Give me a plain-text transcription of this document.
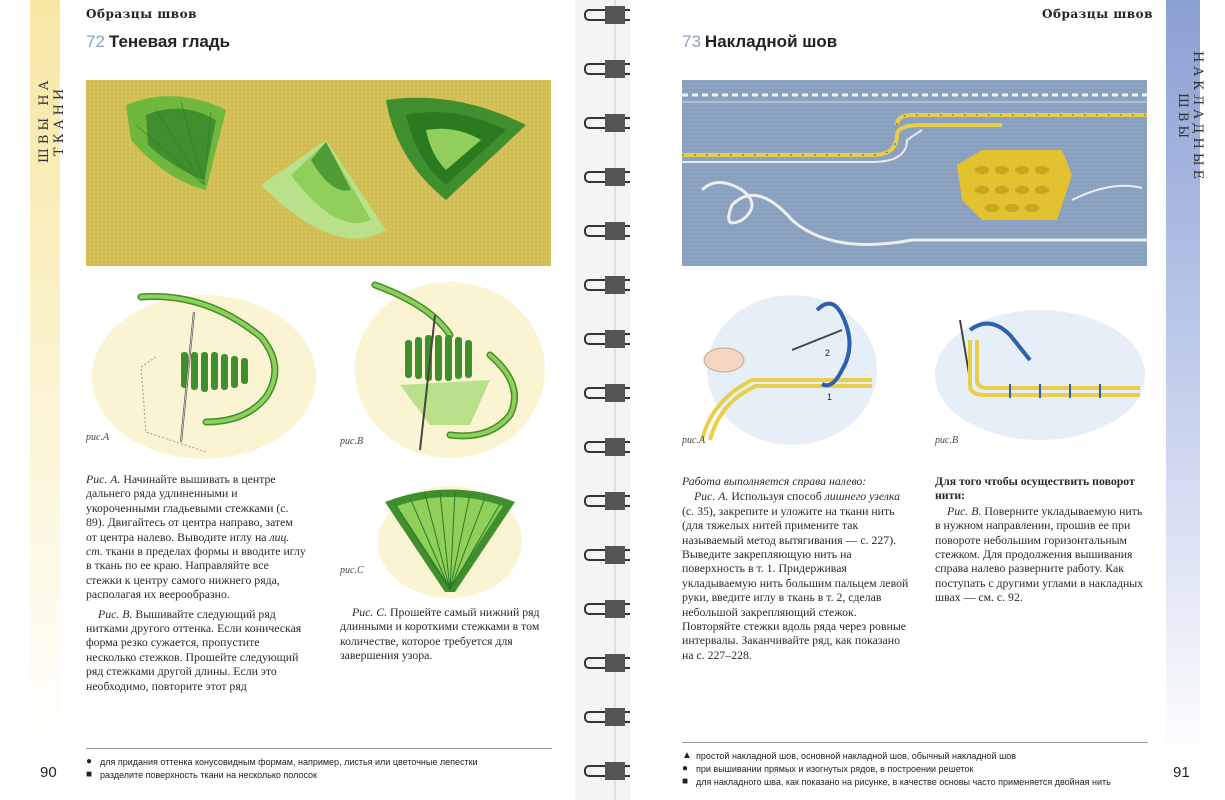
ШВЫ НА ТКАНИ
Образцы швов
72 Теневая гладь
рис.А	рис.В
рис.С

Рис. А. Начинайте вышивать в центре дальнего ряда удлиненными и укороченными гладьевыми стежками (с. 89). Двигайтесь от центра направо, затем от центра налево. Выводите иглу на лиц. ст. ткани в пределах формы и вводите иглу в ткань по ее краю. Направляйте все стежки к центру самого нижнего ряда, располагая их веерообразно.

Рис. В. Вышивайте следующий ряд нитками другого оттенка. Если коническая форма резко сужается, пропустите несколько стежков. Прошейте следующий ряд стежками другой длины. Если это необходимо, повторите этот ряд

Рис. С. Прошейте самый нижний ряд длинными и короткими стежками в том количестве, которое требуется для завершения узора.

● для придания оттенка конусовидным формам, например, листья или цветочные лепестки
■ разделите поверхность ткани на несколько полосок
90
НАКЛАДНЫЕ ШВЫ
Образцы швов
73 Накладной шов
2
1
рис.А	рис.В

Работа выполняется справа налево:

Рис. А. Используя способ лишнего узелка (с. 35), закрепите и уложите на ткани нить (для тяжелых нитей примените так называемый метод вытягивания — с. 227). Выведите закрепляющую нить на поверхность в т. 1. Придерживая укладываемую нить большим пальцем левой руки, введите иглу в ткань в т. 2, сделав небольшой закрепляющий стежок. Повторяйте стежки вдоль ряда через ровные интервалы. Заканчивайте ряд, как показано на с. 227–228.

Для того чтобы осуществить поворот нити:

Рис. В. Поверните укладываемую нить в нужном направлении, прошив ее при повороте небольшим горизонтальным стежком. Для продолжения вышивания справа налево разверните работу. Как поступать с другими углами в накладных швах — см. с. 92.

▲ простой накладной шов, основной накладной шов, обычный накладной шов
● при вышивании прямых и изогнутых рядов, в построении решеток
■ для накладного шва, как показано на рисунке, в качестве основы часто применяется двойная нить
91
